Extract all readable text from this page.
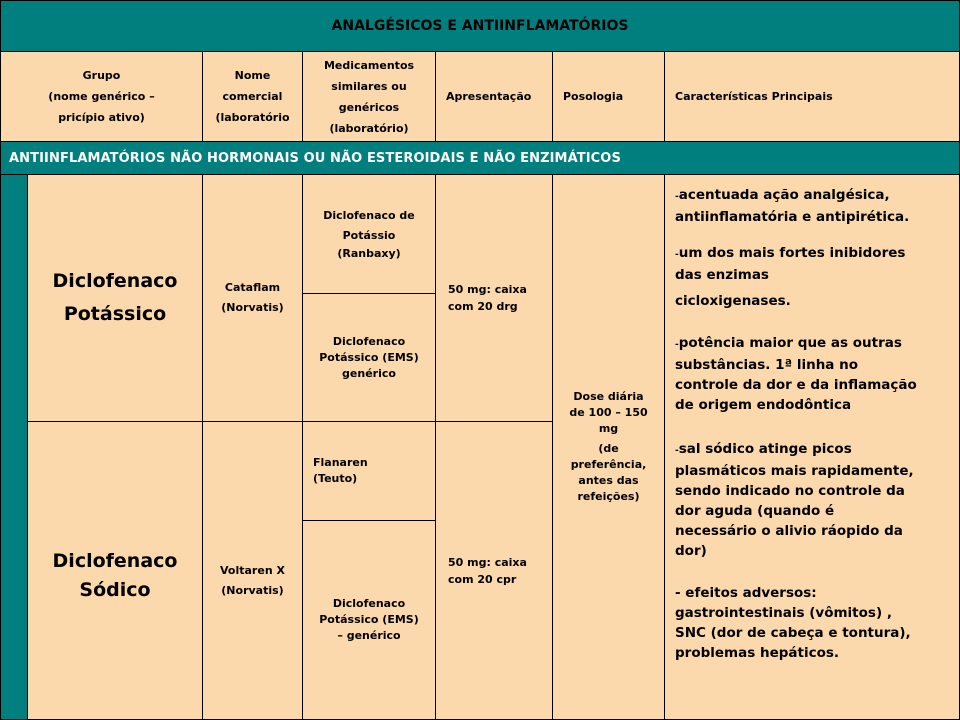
ANALGÉSICOS E ANTIINFLAMATÓRIOS
Grupo
(nome genérico –
pricípio ativo)
Nome
comercial
(laboratório
Medicamentos
similares ou
genéricos
(laboratório)
Apresentação	Posologia	Características Principais
ANTIINFLAMATÓRIOS NÃO HORMONAIS OU NÃO ESTEROIDAIS E NÃO ENZIMÁTICOS
Diclofenaco
Potássico
Diclofenaco
Sódico
Cataflam
(Norvatis)
Voltaren X
(Norvatis)
Diclofenaco de
Potássio
(Ranbaxy)
Diclofenaco
Potássico (EMS)
genérico
Flanaren
(Teuto)
Diclofenaco
Potássico (EMS)
– genérico
50 mg: caixa
com 20 drg
50 mg: caixa
com 20 cpr
Dose diária
de 100 – 150
mg
(de
preferência,
antes das
refeições)

-acentuada ação analgésica,
antiinflamatória e antipirética.

-um dos mais fortes inibidores
das enzimas

cicloxigenases.

-potência maior que as outras
substâncias. 1ª linha no
controle da dor e da inflamação
de origem endodôntica

-sal sódico atinge picos
plasmáticos mais rapidamente,
sendo indicado no controle da
dor aguda (quando é
necessário o alivio ráopido da
dor)

- efeitos adversos:
gastrointestinais (vômitos) ,
SNC (dor de cabeça e tontura),
problemas hepáticos.
